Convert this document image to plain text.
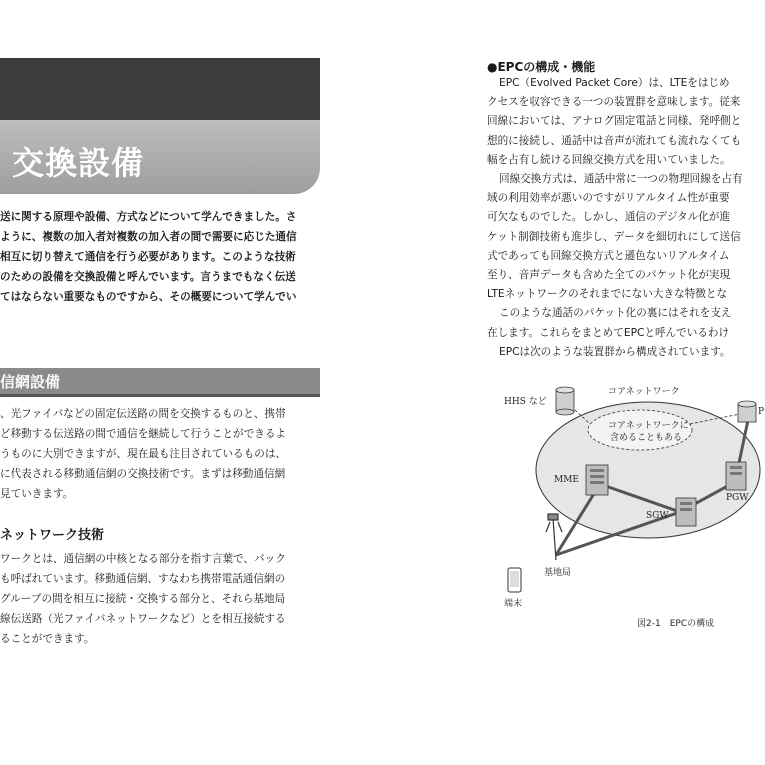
交換設備
送に関する原理や設備、方式などについて学んできました。さ
ように、複数の加入者対複数の加入者の間で需要に応じた通信
相互に切り替えて通信を行う必要があります。このような技術
のための設備を交換設備と呼んでいます。言うまでもなく伝送
てはならない重要なものですから、その概要について学んでい
信網設備
、光ファイバなどの固定伝送路の間を交換するものと、携帯
ど移動する伝送路の間で通信を継続して行うことができるよ
うものに大別できますが、現在最も注目されているものは、
に代表される移動通信網の交換技術です。まずは移動通信網
見ていきます。
ネットワーク技術
ワークとは、通信網の中核となる部分を指す言葉で、バック
も呼ばれています。移動通信網、すなわち携帯電話通信網の
グループの間を相互に接続・交換する部分と、それら基地局
線伝送路（光ファイバネットワークなど）とを相互接続する
ることができます。
●EPCの構成・機能
EPC（Evolved Packet Core）は、LTEをはじめ
クセスを収容できる一つの装置群を意味します。従来
回線においては、アナログ固定電話と同様、発呼側と
想的に接続し、通話中は音声が流れても流れなくても
幅を占有し続ける回線交換方式を用いていました。
回線交換方式は、通話中常に一つの物理回線を占有
域の利用効率が悪いのですがリアルタイム性が重要
可欠なものでした。しかし、通信のデジタル化が進
ケット制御技術も進歩し、データを細切れにして送信
式であっても回線交換方式と遜色ないリアルタイム
至り、音声データも含めた全てのパケット化が実現
LTEネットワークのそれまでにない大きな特徴とな
このような通話のパケット化の裏にはそれを支え
在します。これらをまとめてEPCと呼んでいるわけ
EPCは次のような装置群から構成されています。
HHS など
コアネットワーク
コアネットワークに
含めることもある
MME
SGW
PGW
P
基地局
端末
図2-1　EPCの構成
